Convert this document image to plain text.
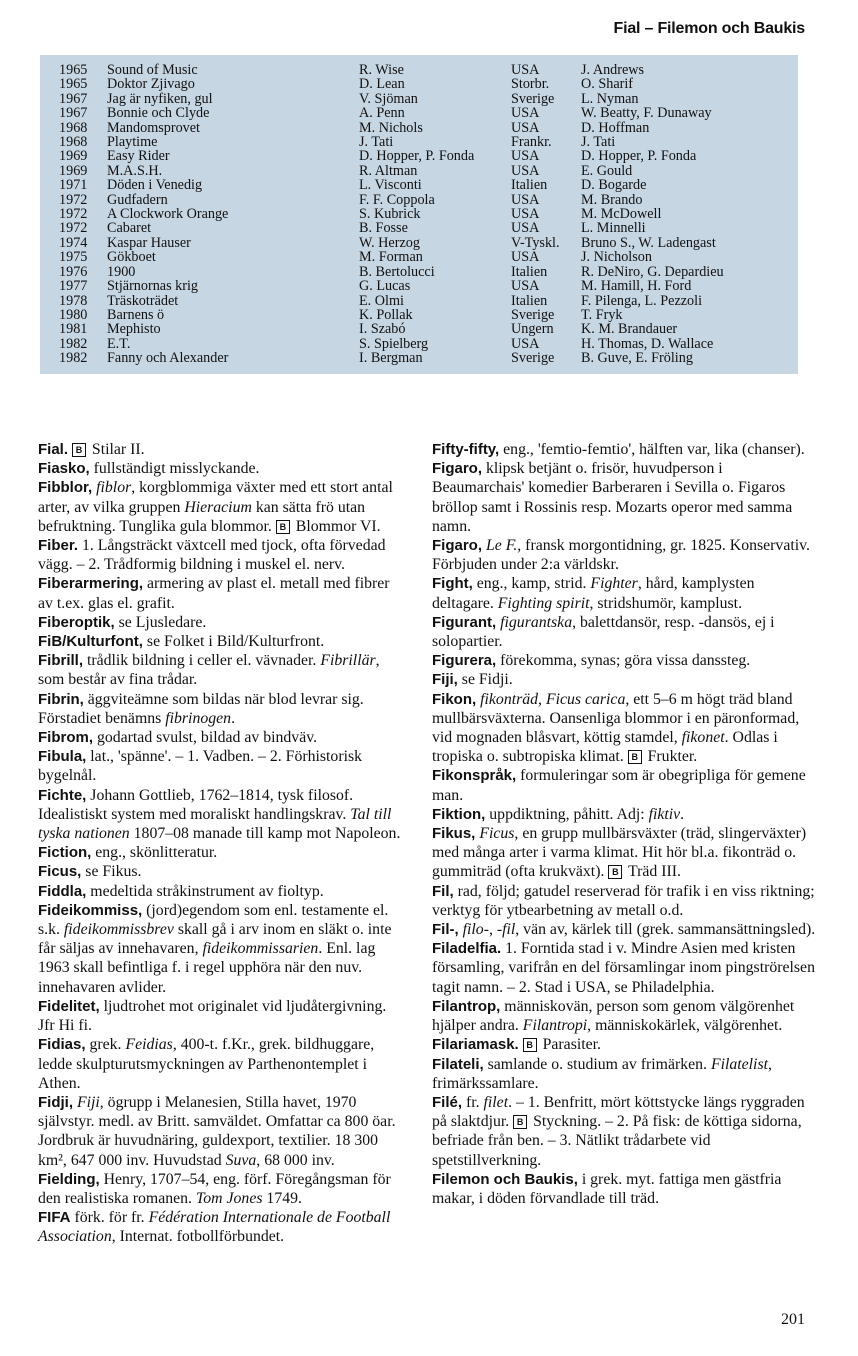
Fial – Filemon och Baukis
1965	Sound of Music	R. Wise	USA	J. Andrews
1965	Doktor Zjivago	D. Lean	Storbr.	O. Sharif
1967	Jag är nyfiken, gul	V. Sjöman	Sverige	L. Nyman
1967	Bonnie och Clyde	A. Penn	USA	W. Beatty, F. Dunaway
1968	Mandomsprovet	M. Nichols	USA	D. Hoffman
1968	Playtime	J. Tati	Frankr.	J. Tati
1969	Easy Rider	D. Hopper, P. Fonda	USA	D. Hopper, P. Fonda
1969	M.A.S.H.	R. Altman	USA	E. Gould
1971	Döden i Venedig	L. Visconti	Italien	D. Bogarde
1972	Gudfadern	F. F. Coppola	USA	M. Brando
1972	A Clockwork Orange	S. Kubrick	USA	M. McDowell
1972	Cabaret	B. Fosse	USA	L. Minnelli
1974	Kaspar Hauser	W. Herzog	V-Tyskl.	Bruno S., W. Ladengast
1975	Gökboet	M. Forman	USA	J. Nicholson
1976	1900	B. Bertolucci	Italien	R. DeNiro, G. Depardieu
1977	Stjärnornas krig	G. Lucas	USA	M. Hamill, H. Ford
1978	Träskoträdet	E. Olmi	Italien	F. Pilenga, L. Pezzoli
1980	Barnens ö	K. Pollak	Sverige	T. Fryk
1981	Mephisto	I. Szabó	Ungern	K. M. Brandauer
1982	E.T.	S. Spielberg	USA	H. Thomas, D. Wallace
1982	Fanny och Alexander	I. Bergman	Sverige	B. Guve, E. Fröling

Fial. B Stilar II.

Fiasko, fullständigt misslyckande.

Fibblor, fiblor, korgblommiga växter med ett stort antal arter, av vilka gruppen Hieracium kan sätta frö utan befruktning. Tunglika gula blommor. B Blommor VI.

Fiber. 1. Långsträckt växtcell med tjock, ofta förvedad vägg. – 2. Trådformig bildning i muskel el. nerv.

Fiberarmering, armering av plast el. metall med fibrer av t.ex. glas el. grafit.

Fiberoptik, se Ljusledare.

FiB/Kulturfont, se Folket i Bild/Kulturfront.

Fibrill, trådlik bildning i celler el. vävnader. Fibrillär, som består av fina trådar.

Fibrin, äggviteämne som bildas när blod levrar sig. Förstadiet benämns fibrinogen.

Fibrom, godartad svulst, bildad av bindväv.

Fibula, lat., 'spänne'. – 1. Vadben. – 2. Förhistorisk bygelnål.

Fichte, Johann Gottlieb, 1762–1814, tysk filosof. Idealistiskt system med moraliskt handlingskrav. Tal till tyska nationen 1807–08 manade till kamp mot Napoleon.

Fiction, eng., skönlitteratur.

Ficus, se Fikus.

Fiddla, medeltida stråkinstrument av fioltyp.

Fideikommiss, (jord)egendom som enl. testamente el. s.k. fideikommissbrev skall gå i arv inom en släkt o. inte får säljas av innehavaren, fideikommissarien. Enl. lag 1963 skall befintliga f. i regel upphöra när den nuv. innehavaren avlider.

Fidelitet, ljudtrohet mot originalet vid ljudåtergivning. Jfr Hi fi.

Fidias, grek. Feidias, 400-t. f.Kr., grek. bildhuggare, ledde skulpturutsmyckningen av Parthenontemplet i Athen.

Fidji, Fiji, ögrupp i Melanesien, Stilla havet, 1970 självstyr. medl. av Britt. samväldet. Omfattar ca 800 öar. Jordbruk är huvudnäring, guldexport, textilier. 18 300 km², 647 000 inv. Huvudstad Suva, 68 000 inv.

Fielding, Henry, 1707–54, eng. förf. Föregångsman för den realistiska romanen. Tom Jones 1749.

FIFA förk. för fr. Fédération Internationale de Football Association, Internat. fotbollförbundet.

Fifty-fifty, eng., 'femtio-femtio', hälften var, lika (chanser).

Figaro, klipsk betjänt o. frisör, huvudperson i Beaumarchais' komedier Barberaren i Sevilla o. Figaros bröllop samt i Rossinis resp. Mozarts operor med samma namn.

Figaro, Le F., fransk morgontidning, gr. 1825. Konservativ. Förbjuden under 2:a världskr.

Fight, eng., kamp, strid. Fighter, hård, kamplysten deltagare. Fighting spirit, stridshumör, kamplust.

Figurant, figurantska, balettdansör, resp. -dansös, ej i solopartier.

Figurera, förekomma, synas; göra vissa danssteg.

Fiji, se Fidji.

Fikon, fikonträd, Ficus carica, ett 5–6 m högt träd bland mullbärsväxterna. Oansenliga blommor i en päronformad, vid mognaden blåsvart, köttig stamdel, fikonet. Odlas i tropiska o. subtropiska klimat. B Frukter.

Fikonspråk, formuleringar som är obegripliga för gemene man.

Fiktion, uppdiktning, påhitt. Adj: fiktiv.

Fikus, Ficus, en grupp mullbärsväxter (träd, slingerväxter) med många arter i varma klimat. Hit hör bl.a. fikonträd o. gummiträd (ofta krukväxt). B Träd III.

Fil, rad, följd; gatudel reserverad för trafik i en viss riktning; verktyg för ytbearbetning av metall o.d.

Fil-, filo-, -fil, vän av, kärlek till (grek. sammansättningsled).

Filadelfia. 1. Forntida stad i v. Mindre Asien med kristen församling, varifrån en del församlingar inom pingströrelsen tagit namn. – 2. Stad i USA, se Philadelphia.

Filantrop, människovän, person som genom välgörenhet hjälper andra. Filantropi, människokärlek, välgörenhet.

Filariamask. B Parasiter.

Filateli, samlande o. studium av frimärken. Filatelist, frimärkssamlare.

Filé, fr. filet. – 1. Benfritt, mört köttstycke längs ryggraden på slaktdjur. B Styckning. – 2. På fisk: de köttiga sidorna, befriade från ben. – 3. Nätlikt trådarbete vid spetstillverkning.

Filemon och Baukis, i grek. myt. fattiga men gästfria makar, i döden förvandlade till träd.

201
